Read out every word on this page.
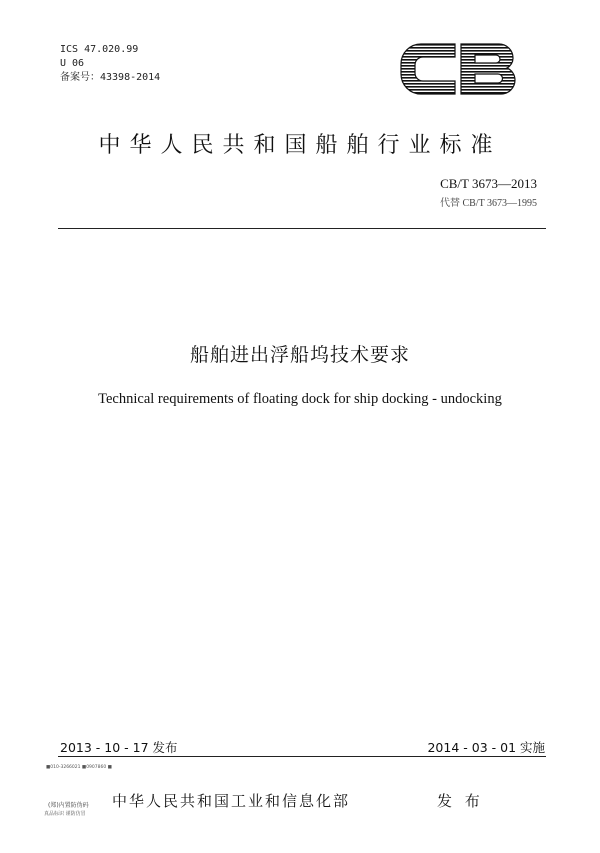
ICS 47.020.99
U 06
备案号：43398-2014
中华人民共和国船舶行业标准
CB/T 3673—2013
代替 CB/T 3673—1995
船舶进出浮船坞技术要求
Technical requirements of floating dock for ship docking - undocking
2013 - 10 - 17 发布	2014 - 03 - 01 实施
■010-3266021 ■0907860 ■
(郑)内置防伪码
真品标识 谨防仿冒
中华人民共和国工业和信息化部	发 布
